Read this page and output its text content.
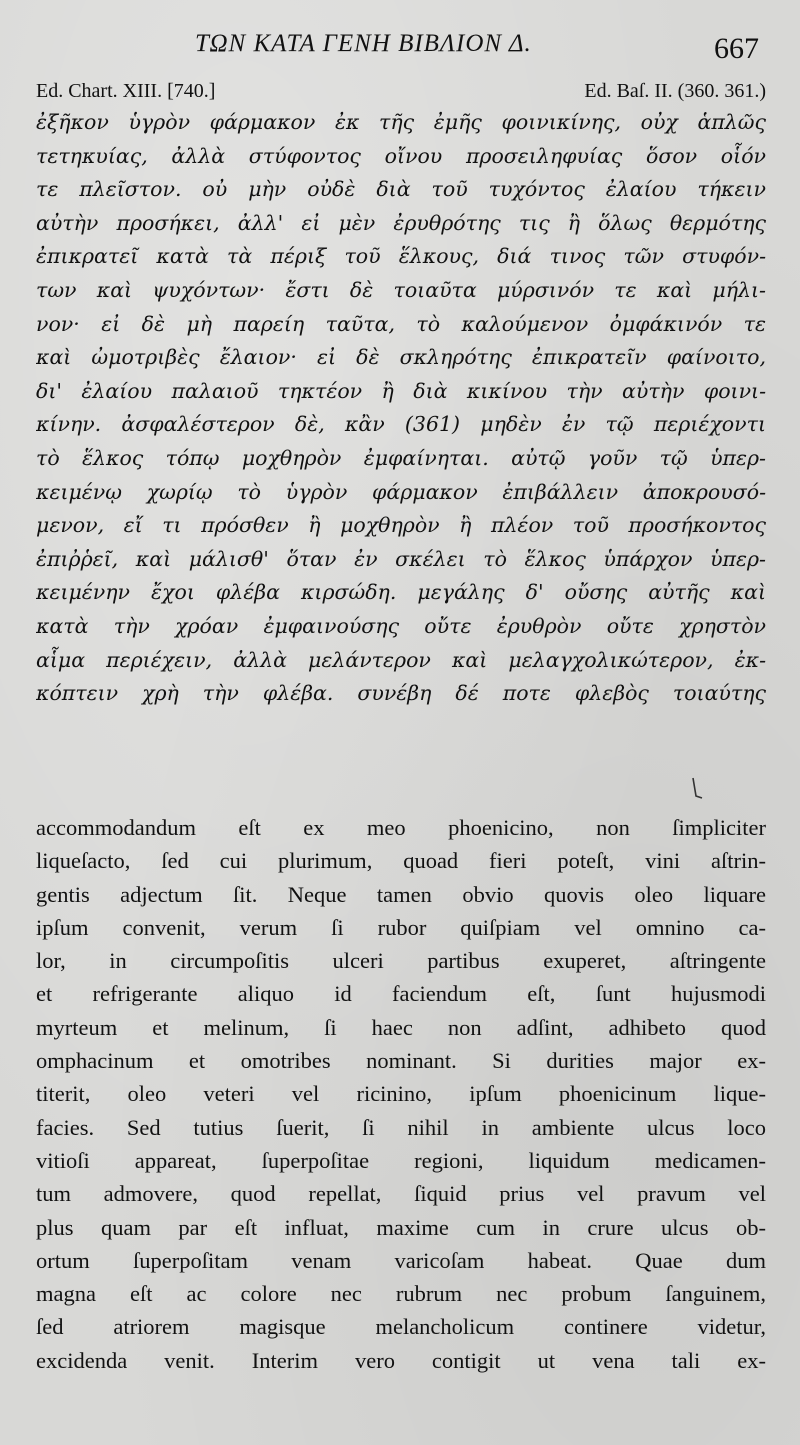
ΤΩΝ ΚΑΤΑ ΓΕΝΗ ΒΙΒΛΙΟΝ Δ.	667
Ed. Chart. XIII. [740.]	Ed. Baſ. II. (360. 361.)
ἐξῆκον ὑγρὸν φάρμακον ἐκ τῆς ἐμῆς φοινικίνης, οὐχ ἁπλῶς
τετηκυίας, ἀλλὰ στύφοντος οἴνου προσειληφυίας ὅσον οἷόν
τε πλεῖστον. οὐ μὴν οὐδὲ διὰ τοῦ τυχόντος ἐλαίου τήκειν
αὐτὴν προσήκει, ἀλλ' εἰ μὲν ἐρυθρότης τις ἢ ὅλως θερμότης
ἐπικρατεῖ κατὰ τὰ πέριξ τοῦ ἕλκους, διά τινος τῶν στυφόν-
των καὶ ψυχόντων· ἔστι δὲ τοιαῦτα μύρσινόν τε καὶ μήλι-
νον· εἰ δὲ μὴ παρείη ταῦτα, τὸ καλούμενον ὀμφάκινόν τε
καὶ ὠμοτριβὲς ἔλαιον· εἰ δὲ σκληρότης ἐπικρατεῖν φαίνοιτο,
δι' ἐλαίου παλαιοῦ τηκτέον ἢ διὰ κικίνου τὴν αὐτὴν φοινι-
κίνην. ἀσφαλέστερον δὲ, κἂν (361) μηδὲν ἐν τῷ περιέχοντι
τὸ ἕλκος τόπῳ μοχθηρὸν ἐμφαίνηται. αὐτῷ γοῦν τῷ ὑπερ-
κειμένῳ χωρίῳ τὸ ὑγρὸν φάρμακον ἐπιβάλλειν ἀποκρουσό-
μενον, εἴ τι πρόσθεν ἢ μοχθηρὸν ἢ πλέον τοῦ προσήκοντος
ἐπιῤῥεῖ, καὶ μάλισθ' ὅταν ἐν σκέλει τὸ ἕλκος ὑπάρχον ὑπερ-
κειμένην ἔχοι φλέβα κιρσώδη. μεγάλης δ' οὔσης αὐτῆς καὶ
κατὰ τὴν χρόαν ἐμφαινούσης οὔτε ἐρυθρὸν οὔτε χρηστὸν
αἷμα περιέχειν, ἀλλὰ μελάντερον καὶ μελαγχολικώτερον, ἐκ-
κόπτειν χρὴ τὴν φλέβα. συνέβη δέ ποτε φλεβὸς τοιαύτης
accommodandum eſt ex meo phoenicino, non ſimpliciter
liqueſacto, ſed cui plurimum, quoad fieri poteſt, vini aſtrin-
gentis adjectum ſit. Neque tamen obvio quovis oleo liquare
ipſum convenit, verum ſi rubor quiſpiam vel omnino ca-
lor, in circumpoſitis ulceri partibus exuperet, aſtringente
et refrigerante aliquo id faciendum eſt, ſunt hujusmodi
myrteum et melinum, ſi haec non adſint, adhibeto quod
omphacinum et omotribes nominant. Si durities major ex-
titerit, oleo veteri vel ricinino, ipſum phoenicinum lique-
facies. Sed tutius ſuerit, ſi nihil in ambiente ulcus loco
vitioſi appareat, ſuperpoſitae regioni, liquidum medicamen-
tum admovere, quod repellat, ſiquid prius vel pravum vel
plus quam par eſt influat, maxime cum in crure ulcus ob-
ortum ſuperpoſitam venam varicoſam habeat. Quae dum
magna eſt ac colore nec rubrum nec probum ſanguinem,
ſed atriorem magisque melancholicum continere videtur,
excidenda venit. Interim vero contigit ut vena tali ex-
